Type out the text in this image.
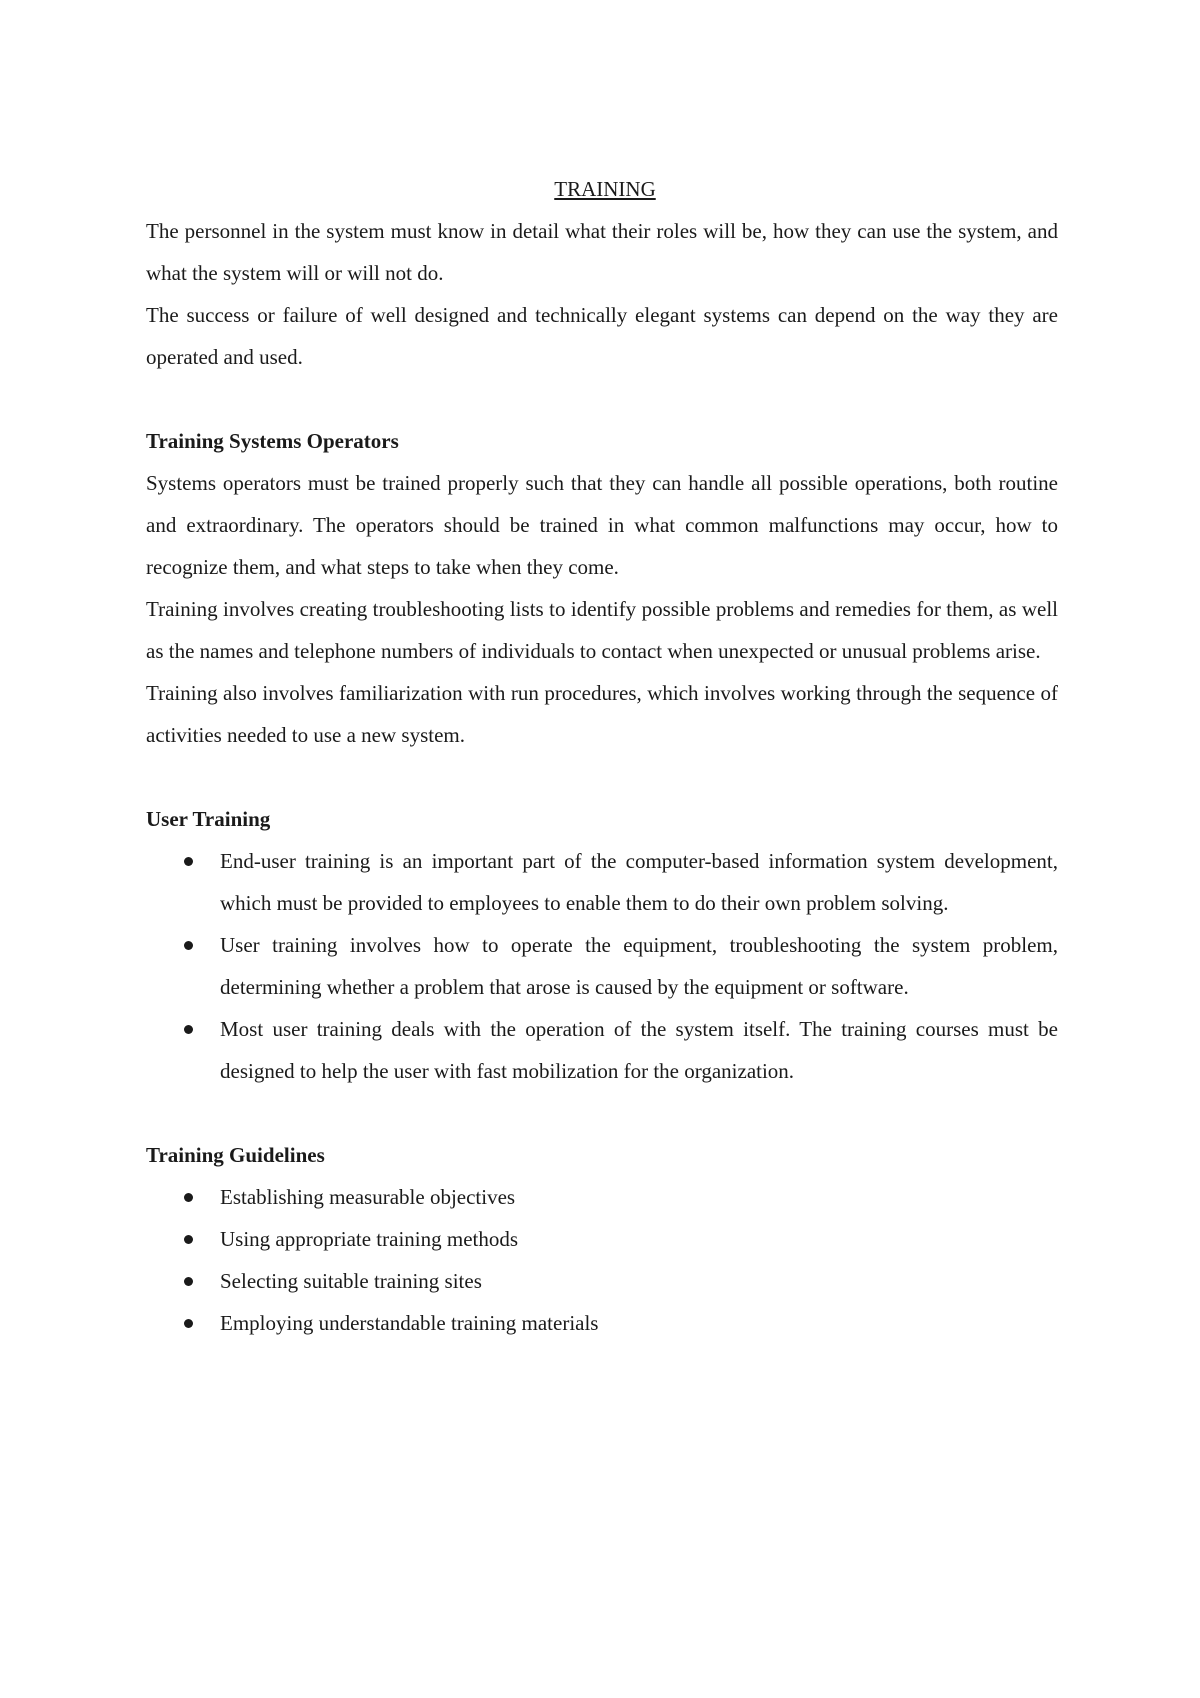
TRAINING

The personnel in the system must know in detail what their roles will be, how they can use the system, and what the system will or will not do.

The success or failure of well designed and technically elegant systems can depend on the way they are operated and used.

Training Systems Operators

Systems operators must be trained properly such that they can handle all possible operations, both routine and extraordinary. The operators should be trained in what common malfunctions may occur, how to recognize them, and what steps to take when they come.

Training involves creating troubleshooting lists to identify possible problems and remedies for them, as well as the names and telephone numbers of individuals to contact when unexpected or unusual problems arise.

Training also involves familiarization with run procedures, which involves working through the sequence of activities needed to use a new system.

User Training
End-user training is an important part of the computer-based information system development, which must be provided to employees to enable them to do their own problem solving.
User training involves how to operate the equipment, troubleshooting the system problem, determining whether a problem that arose is caused by the equipment or software.
Most user training deals with the operation of the system itself. The training courses must be designed to help the user with fast mobilization for the organization.
Training Guidelines
Establishing measurable objectives
Using appropriate training methods
Selecting suitable training sites
Employing understandable training materials
